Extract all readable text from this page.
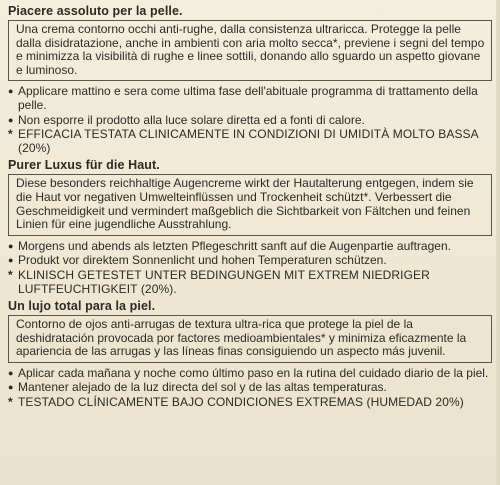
Piacere assoluto per la pelle.
Una crema contorno occhi anti-rughe, dalla consistenza ultraricca. Protegge la pelle dalla disidratazione, anche in ambienti con aria molto secca*, previene i segni del tempo e minimizza la visibilità di rughe e linee sottili, donando allo sguardo un aspetto giovane e luminoso.
●
Applicare mattino e sera come ultima fase dell'abituale programma di trattamento della pelle.
●
Non esporre il prodotto alla luce solare diretta ed a fonti di calore.
*
EFFICACIA TESTATA CLINICAMENTE IN CONDIZIONI DI UMIDITÀ MOLTO BASSA (20%)
Purer Luxus für die Haut.
Diese besonders reichhaltige Augencreme wirkt der Hautalterung entgegen, indem sie die Haut vor negativen Umwelteinflüssen und Trockenheit schützt*. Verbessert die Geschmeidigkeit und vermindert maßgeblich die Sichtbarkeit von Fältchen und feinen Linien für eine jugendliche Ausstrahlung.
●
Morgens und abends als letzten Pflegeschritt sanft auf die Augenpartie auftragen.
●
Produkt vor direktem Sonnenlicht und hohen Temperaturen schützen.
*
KLINISCH GETESTET UNTER BEDINGUNGEN MIT EXTREM NIEDRIGER LUFTFEUCHTIGKEIT (20%).
Un lujo total para la piel.
Contorno de ojos anti-arrugas de textura ultra-rica que protege la piel de la deshidratación provocada por factores medioambientales* y minimiza eficazmente la apariencia de las arrugas y las líneas finas consiguiendo un aspecto más juvenil.
●
Aplicar cada mañana y noche como último paso en la rutina del cuidado diario de la piel.
●
Mantener alejado de la luz directa del sol y de las altas temperaturas.
*
TESTADO CLÍNICAMENTE BAJO CONDICIONES EXTREMAS (HUMEDAD 20%)
